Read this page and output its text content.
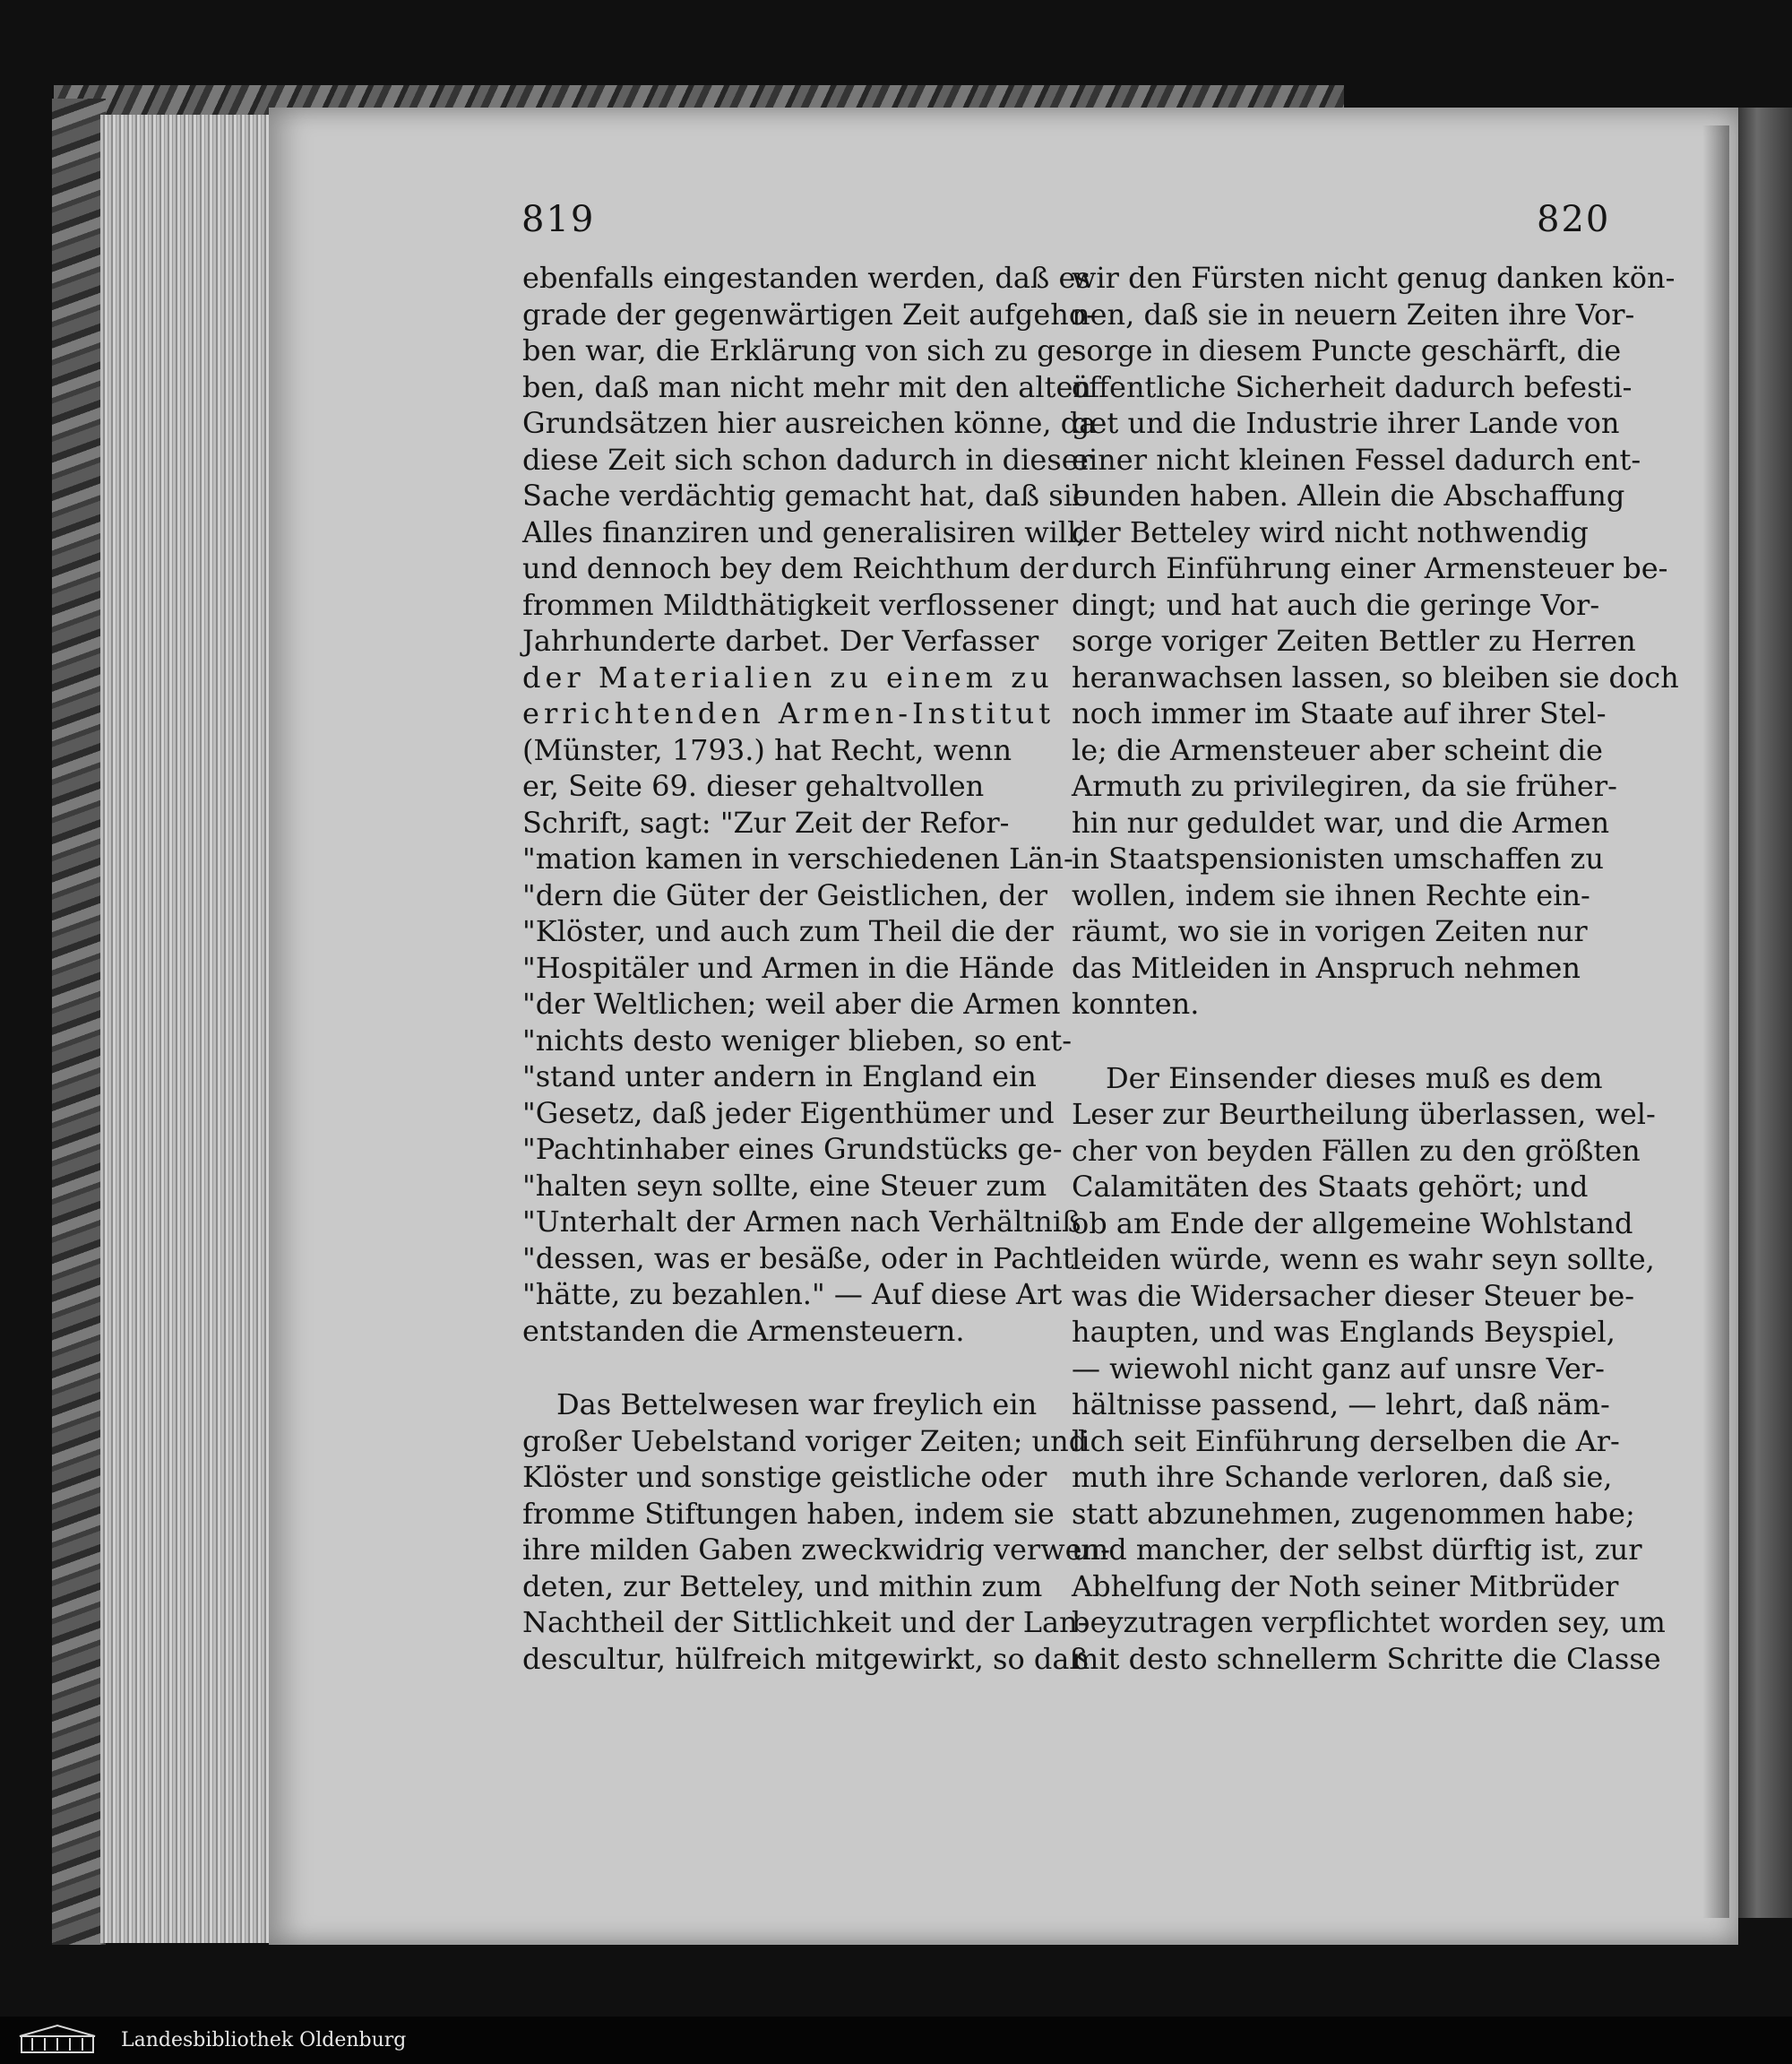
819	820
ebenfalls eingestanden werden, daß es
grade der gegenwärtigen Zeit aufgeho-
ben war, die Erklärung von sich zu ge-
ben, daß man nicht mehr mit den alten
Grundsätzen hier ausreichen könne, da
diese Zeit sich schon dadurch in dieser
Sache verdächtig gemacht hat, daß sie
Alles finanziren und generalisiren will,
und dennoch bey dem Reichthum der
frommen Mildthätigkeit verflossener
Jahrhunderte darbet. Der Verfasser
der Materialien zu einem zu
errichtenden Armen-Institut
(Münster, 1793.) hat Recht, wenn
er, Seite 69. dieser gehaltvollen
Schrift, sagt: "Zur Zeit der Refor-
"mation kamen in verschiedenen Län-
"dern die Güter der Geistlichen, der
"Klöster, und auch zum Theil die der
"Hospitäler und Armen in die Hände
"der Weltlichen; weil aber die Armen
"nichts desto weniger blieben, so ent-
"stand unter andern in England ein
"Gesetz, daß jeder Eigenthümer und
"Pachtinhaber eines Grundstücks ge-
"halten seyn sollte, eine Steuer zum
"Unterhalt der Armen nach Verhältniß
"dessen, was er besäße, oder in Pacht
"hätte, zu bezahlen." — Auf diese Art
entstanden die Armensteuern.
Das Bettelwesen war freylich ein
großer Uebelstand voriger Zeiten; und
Klöster und sonstige geistliche oder
fromme Stiftungen haben, indem sie
ihre milden Gaben zweckwidrig verwen-
deten, zur Betteley, und mithin zum
Nachtheil der Sittlichkeit und der Lan-
descultur, hülfreich mitgewirkt, so daß
wir den Fürsten nicht genug danken kön-
nen, daß sie in neuern Zeiten ihre Vor-
sorge in diesem Puncte geschärft, die
öffentliche Sicherheit dadurch befesti-
get und die Industrie ihrer Lande von
einer nicht kleinen Fessel dadurch ent-
bunden haben. Allein die Abschaffung
der Betteley wird nicht nothwendig
durch Einführung einer Armensteuer be-
dingt; und hat auch die geringe Vor-
sorge voriger Zeiten Bettler zu Herren
heranwachsen lassen, so bleiben sie doch
noch immer im Staate auf ihrer Stel-
le; die Armensteuer aber scheint die
Armuth zu privilegiren, da sie früher-
hin nur geduldet war, und die Armen
in Staatspensionisten umschaffen zu
wollen, indem sie ihnen Rechte ein-
räumt, wo sie in vorigen Zeiten nur
das Mitleiden in Anspruch nehmen
konnten.
Der Einsender dieses muß es dem
Leser zur Beurtheilung überlassen, wel-
cher von beyden Fällen zu den größten
Calamitäten des Staats gehört; und
ob am Ende der allgemeine Wohlstand
leiden würde, wenn es wahr seyn sollte,
was die Widersacher dieser Steuer be-
haupten, und was Englands Beyspiel,
— wiewohl nicht ganz auf unsre Ver-
hältnisse passend, — lehrt, daß näm-
lich seit Einführung derselben die Ar-
muth ihre Schande verloren, daß sie,
statt abzunehmen, zugenommen habe;
und mancher, der selbst dürftig ist, zur
Abhelfung der Noth seiner Mitbrüder
beyzutragen verpflichtet worden sey, um
mit desto schnellerm Schritte die Classe
Landesbibliothek Oldenburg
